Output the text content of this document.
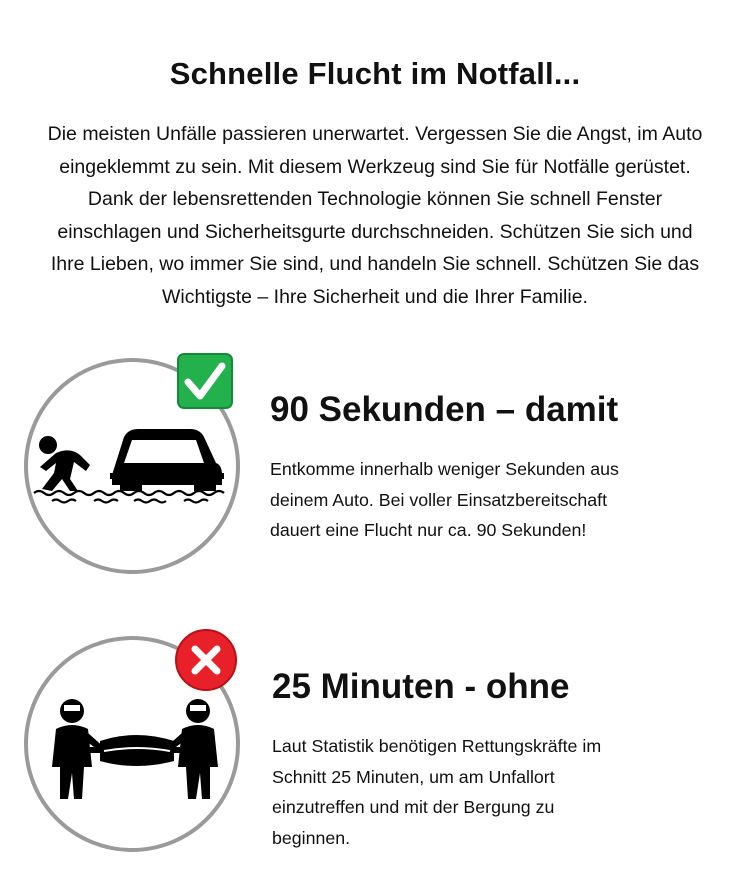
Schnelle Flucht im Notfall...

Die meisten Unfälle passieren unerwartet. Vergessen Sie die Angst, im Auto

eingeklemmt zu sein. Mit diesem Werkzeug sind Sie für Notfälle gerüstet.

Dank der lebensrettenden Technologie können Sie schnell Fenster

einschlagen und Sicherheitsgurte durchschneiden. Schützen Sie sich und

Ihre Lieben, wo immer Sie sind, und handeln Sie schnell. Schützen Sie das

Wichtigste – Ihre Sicherheit und die Ihrer Familie.

90 Sekunden – damit

Entkomme innerhalb weniger Sekunden aus

deinem Auto. Bei voller Einsatzbereitschaft

dauert eine Flucht nur ca. 90 Sekunden!

25 Minuten - ohne

Laut Statistik benötigen Rettungskräfte im

Schnitt 25 Minuten, um am Unfallort

einzutreffen und mit der Bergung zu

beginnen.
